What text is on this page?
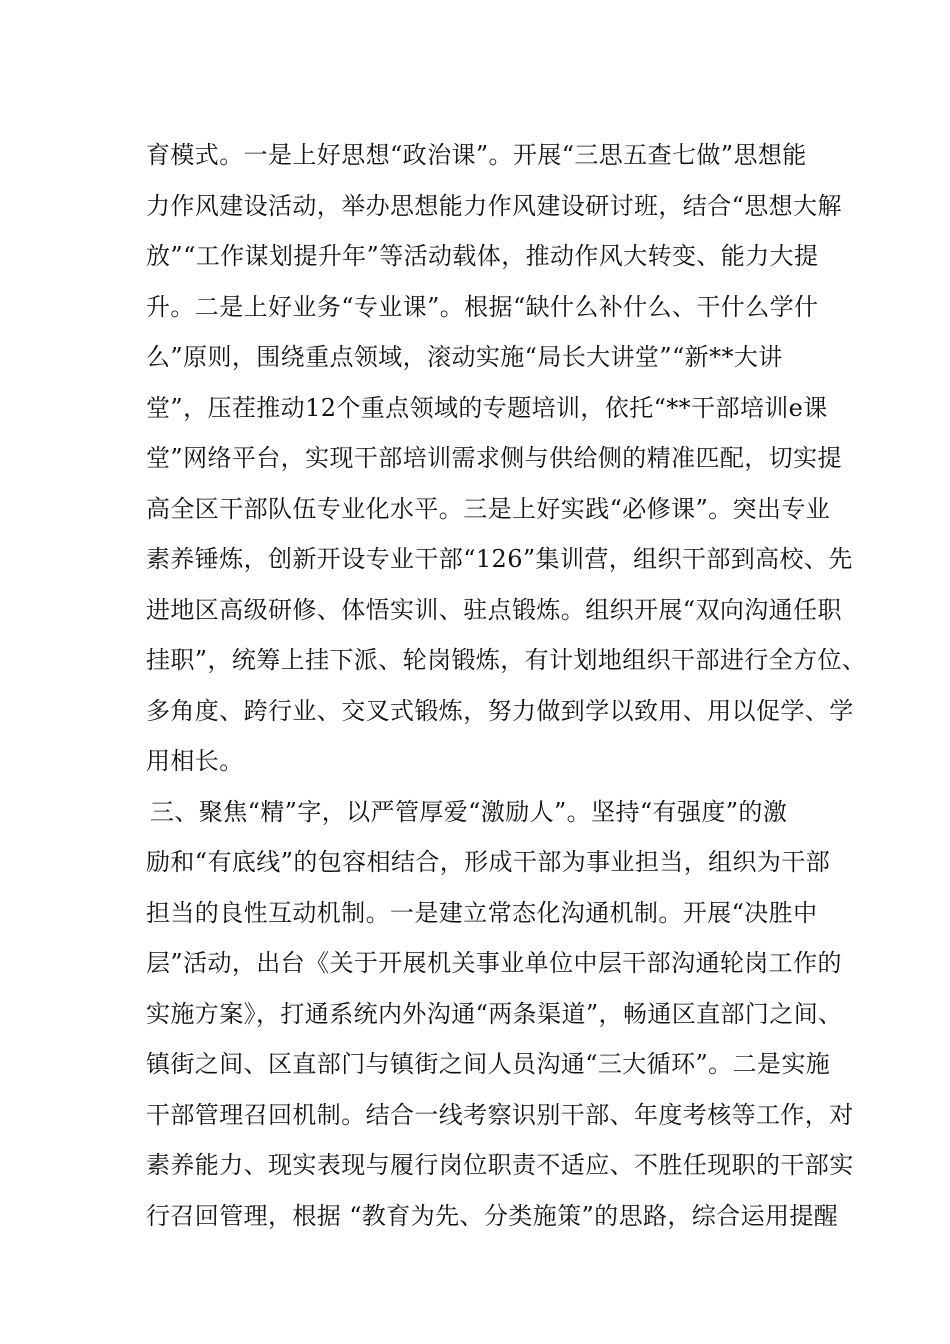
育模式。一是上好思想“政治课”。开展“三思五查七做”思想能
力作风建设活动，举办思想能力作风建设研讨班，结合“思想大解
放”“工作谋划提升年”等活动载体，推动作风大转变、能力大提
升。二是上好业务“专业课”。根据“缺什么补什么、干什么学什
么”原则，围绕重点领域，滚动实施“局长大讲堂”“新**大讲
堂”，压茬推动12个重点领域的专题培训，依托“**干部培训e课
堂”网络平台，实现干部培训需求侧与供给侧的精准匹配，切实提
高全区干部队伍专业化水平。三是上好实践“必修课”。突出专业
素养锤炼，创新开设专业干部“126”集训营，组织干部到高校、先
进地区高级研修、体悟实训、驻点锻炼。组织开展“双向沟通任职
挂职”，统筹上挂下派、轮岗锻炼，有计划地组织干部进行全方位、
多角度、跨行业、交叉式锻炼，努力做到学以致用、用以促学、学
用相长。
三、聚焦“精”字，以严管厚爱“激励人”。坚持“有强度”的激
励和“有底线”的包容相结合，形成干部为事业担当，组织为干部
担当的良性互动机制。一是建立常态化沟通机制。开展“决胜中
层”活动，出台《关于开展机关事业单位中层干部沟通轮岗工作的
实施方案》，打通系统内外沟通“两条渠道”，畅通区直部门之间、
镇街之间、区直部门与镇街之间人员沟通“三大循环”。二是实施
干部管理召回机制。结合一线考察识别干部、年度考核等工作，对
素养能力、现实表现与履行岗位职责不适应、不胜任现职的干部实
行召回管理，根据 “教育为先、分类施策”的思路，综合运用提醒
